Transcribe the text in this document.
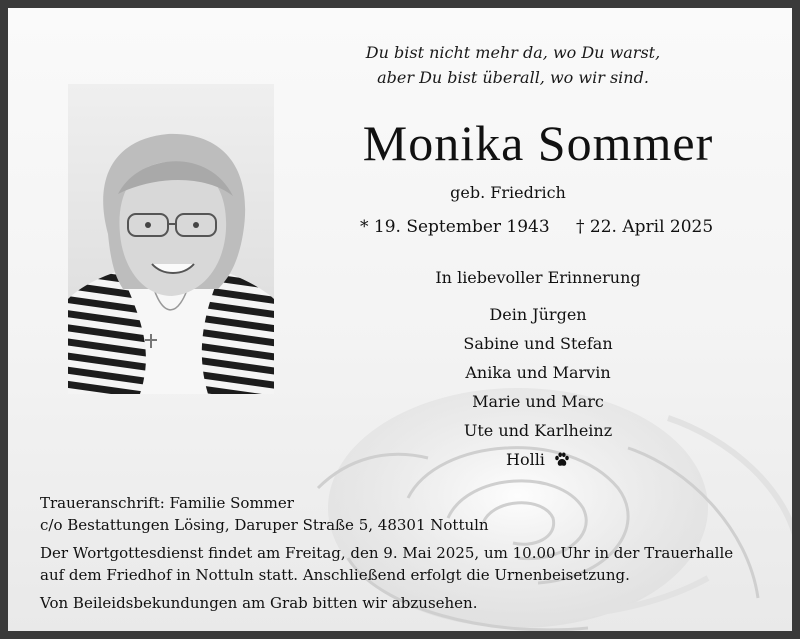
Du bist nicht mehr da, wo Du warst,
aber Du bist überall, wo wir sind.
Monika Sommer
geb. Friedrich
* 19. September 1943 † 22. April 2025
In liebevoller Erinnerung
Dein Jürgen
Sabine und Stefan
Anika und Marvin
Marie und Marc
Ute und Karlheinz
Holli
Traueranschrift: Familie Sommer
c/o Bestattungen Lösing, Daruper Straße 5, 48301 Nottuln
Der Wortgottesdienst findet am Freitag, den 9. Mai 2025, um 10.00 Uhr in der Trauerhalle
auf dem Friedhof in Nottuln statt. Anschließend erfolgt die Urnenbeisetzung.
Von Beileidsbekundungen am Grab bitten wir abzusehen.
